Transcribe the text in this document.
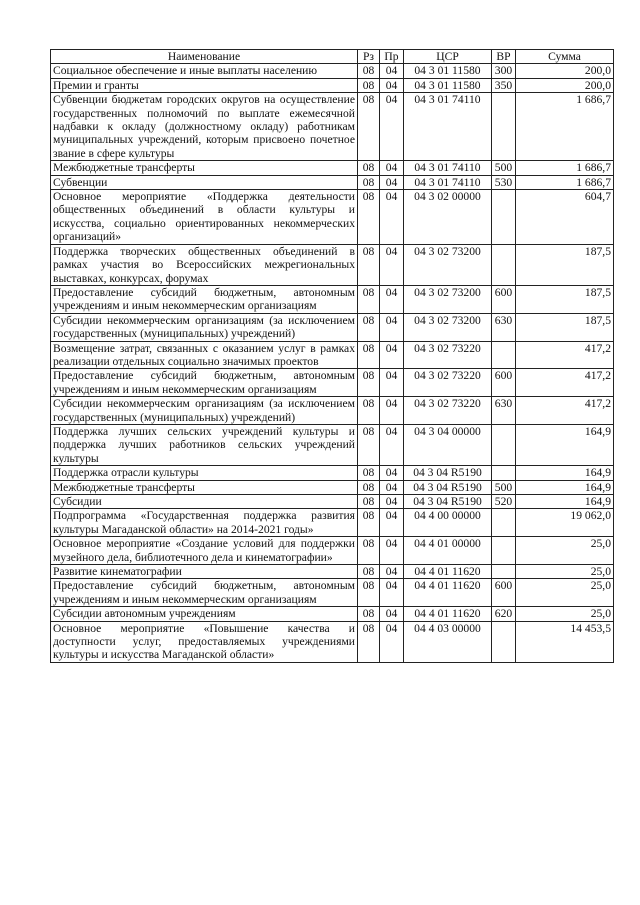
Наименование	Рз	Пр	ЦСР	ВР	Сумма
Социальное обеспечение и иные выплаты населению	08	04	04 3 01 11580	300	200,0
Премии и гранты	08	04	04 3 01 11580	350	200,0
Субвенции бюджетам городских округов на осуществление государственных полномочий по выплате ежемесячной надбавки к окладу (должностному окладу) работникам муниципальных учреждений, которым присвоено почетное звание в сфере культуры	08	04	04 3 01 74110		1 686,7
Межбюджетные трансферты	08	04	04 3 01 74110	500	1 686,7
Субвенции	08	04	04 3 01 74110	530	1 686,7
Основное мероприятие «Поддержка деятельности общественных объединений в области культуры и искусства, социально ориентированных некоммерческих организаций»	08	04	04 3 02 00000		604,7
Поддержка творческих общественных объединений в рамках участия во Всероссийских межрегиональных выставках, конкурсах, форумах	08	04	04 3 02 73200		187,5
Предоставление субсидий бюджетным, автономным учреждениям и иным некоммерческим организациям	08	04	04 3 02 73200	600	187,5
Субсидии некоммерческим организациям (за исключением государственных (муниципальных) учреждений)	08	04	04 3 02 73200	630	187,5
Возмещение затрат, связанных с оказанием услуг в рамках реализации отдельных социально значимых проектов	08	04	04 3 02 73220		417,2
Предоставление субсидий бюджетным, автономным учреждениям и иным некоммерческим организациям	08	04	04 3 02 73220	600	417,2
Субсидии некоммерческим организациям (за исключением государственных (муниципальных) учреждений)	08	04	04 3 02 73220	630	417,2
Поддержка лучших сельских учреждений культуры и поддержка лучших работников сельских учреждений культуры	08	04	04 3 04 00000		164,9
Поддержка отрасли культуры	08	04	04 3 04 R5190		164,9
Межбюджетные трансферты	08	04	04 3 04 R5190	500	164,9
Субсидии	08	04	04 3 04 R5190	520	164,9
Подпрограмма «Государственная поддержка развития культуры Магаданской области» на 2014-2021 годы»	08	04	04 4 00 00000		19 062,0
Основное мероприятие «Создание условий для поддержки музейного дела, библиотечного дела и кинематографии»	08	04	04 4 01 00000		25,0
Развитие кинематографии	08	04	04 4 01 11620		25,0
Предоставление субсидий бюджетным, автономным учреждениям и иным некоммерческим организациям	08	04	04 4 01 11620	600	25,0
Субсидии автономным учреждениям	08	04	04 4 01 11620	620	25,0
Основное мероприятие «Повышение качества и доступности услуг, предоставляемых учреждениями культуры и искусства Магаданской области»	08	04	04 4 03 00000		14 453,5
